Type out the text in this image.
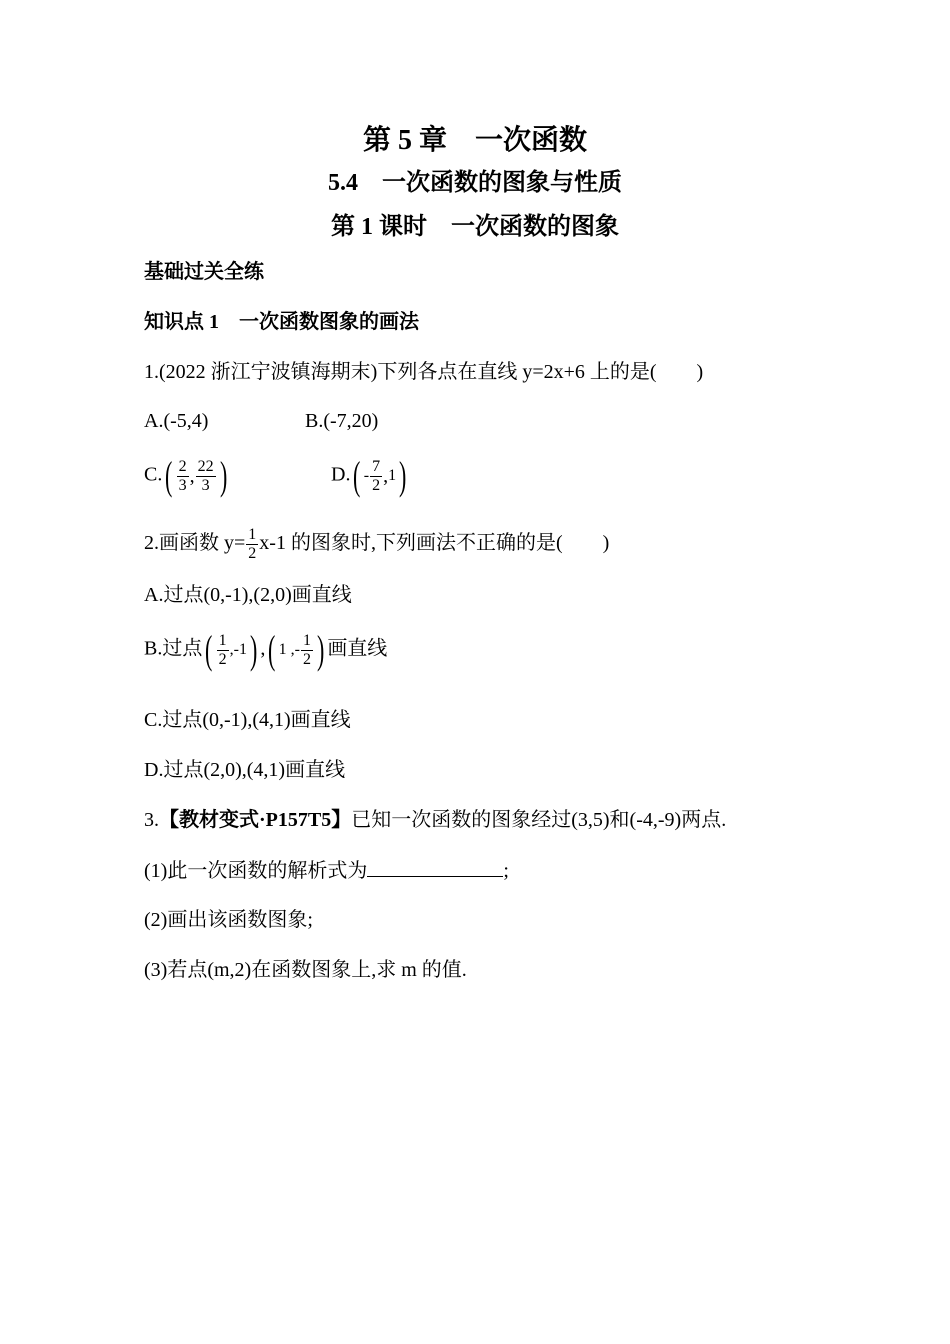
第 5 章　一次函数
5.4　一次函数的图象与性质
第 1 课时　一次函数的图象
基础过关全练
知识点 1　一次函数图象的画法
1.(2022 浙江宁波镇海期末)下列各点在直线 y=2x+6 上的是(　　)
A.(-5,4)	B.(-7,20)
C. ( $\frac{2}{3}$ , $\frac{22}{3}$ )	D. ( - $\frac{7}{2}$ , 1 )
2.画函数 $y= \frac{1}{2} x-1$ 的图象时,下列画法不正确的是(　　)
A.过点(0,-1),(2,0)画直线
B.过点 ( $\frac{1}{2} ,-1$ ) , ( 1 ,- $\frac{1}{2}$ ) 画直线
C.过点(0,-1),(4,1)画直线
D.过点(2,0),(4,1)画直线
3.【教材变式·P157T5】已知一次函数的图象经过(3,5)和(-4,-9)两点.
(1)此一次函数的解析式为	;
(2)画出该函数图象;
(3)若点(m,2)在函数图象上,求 m 的值.
